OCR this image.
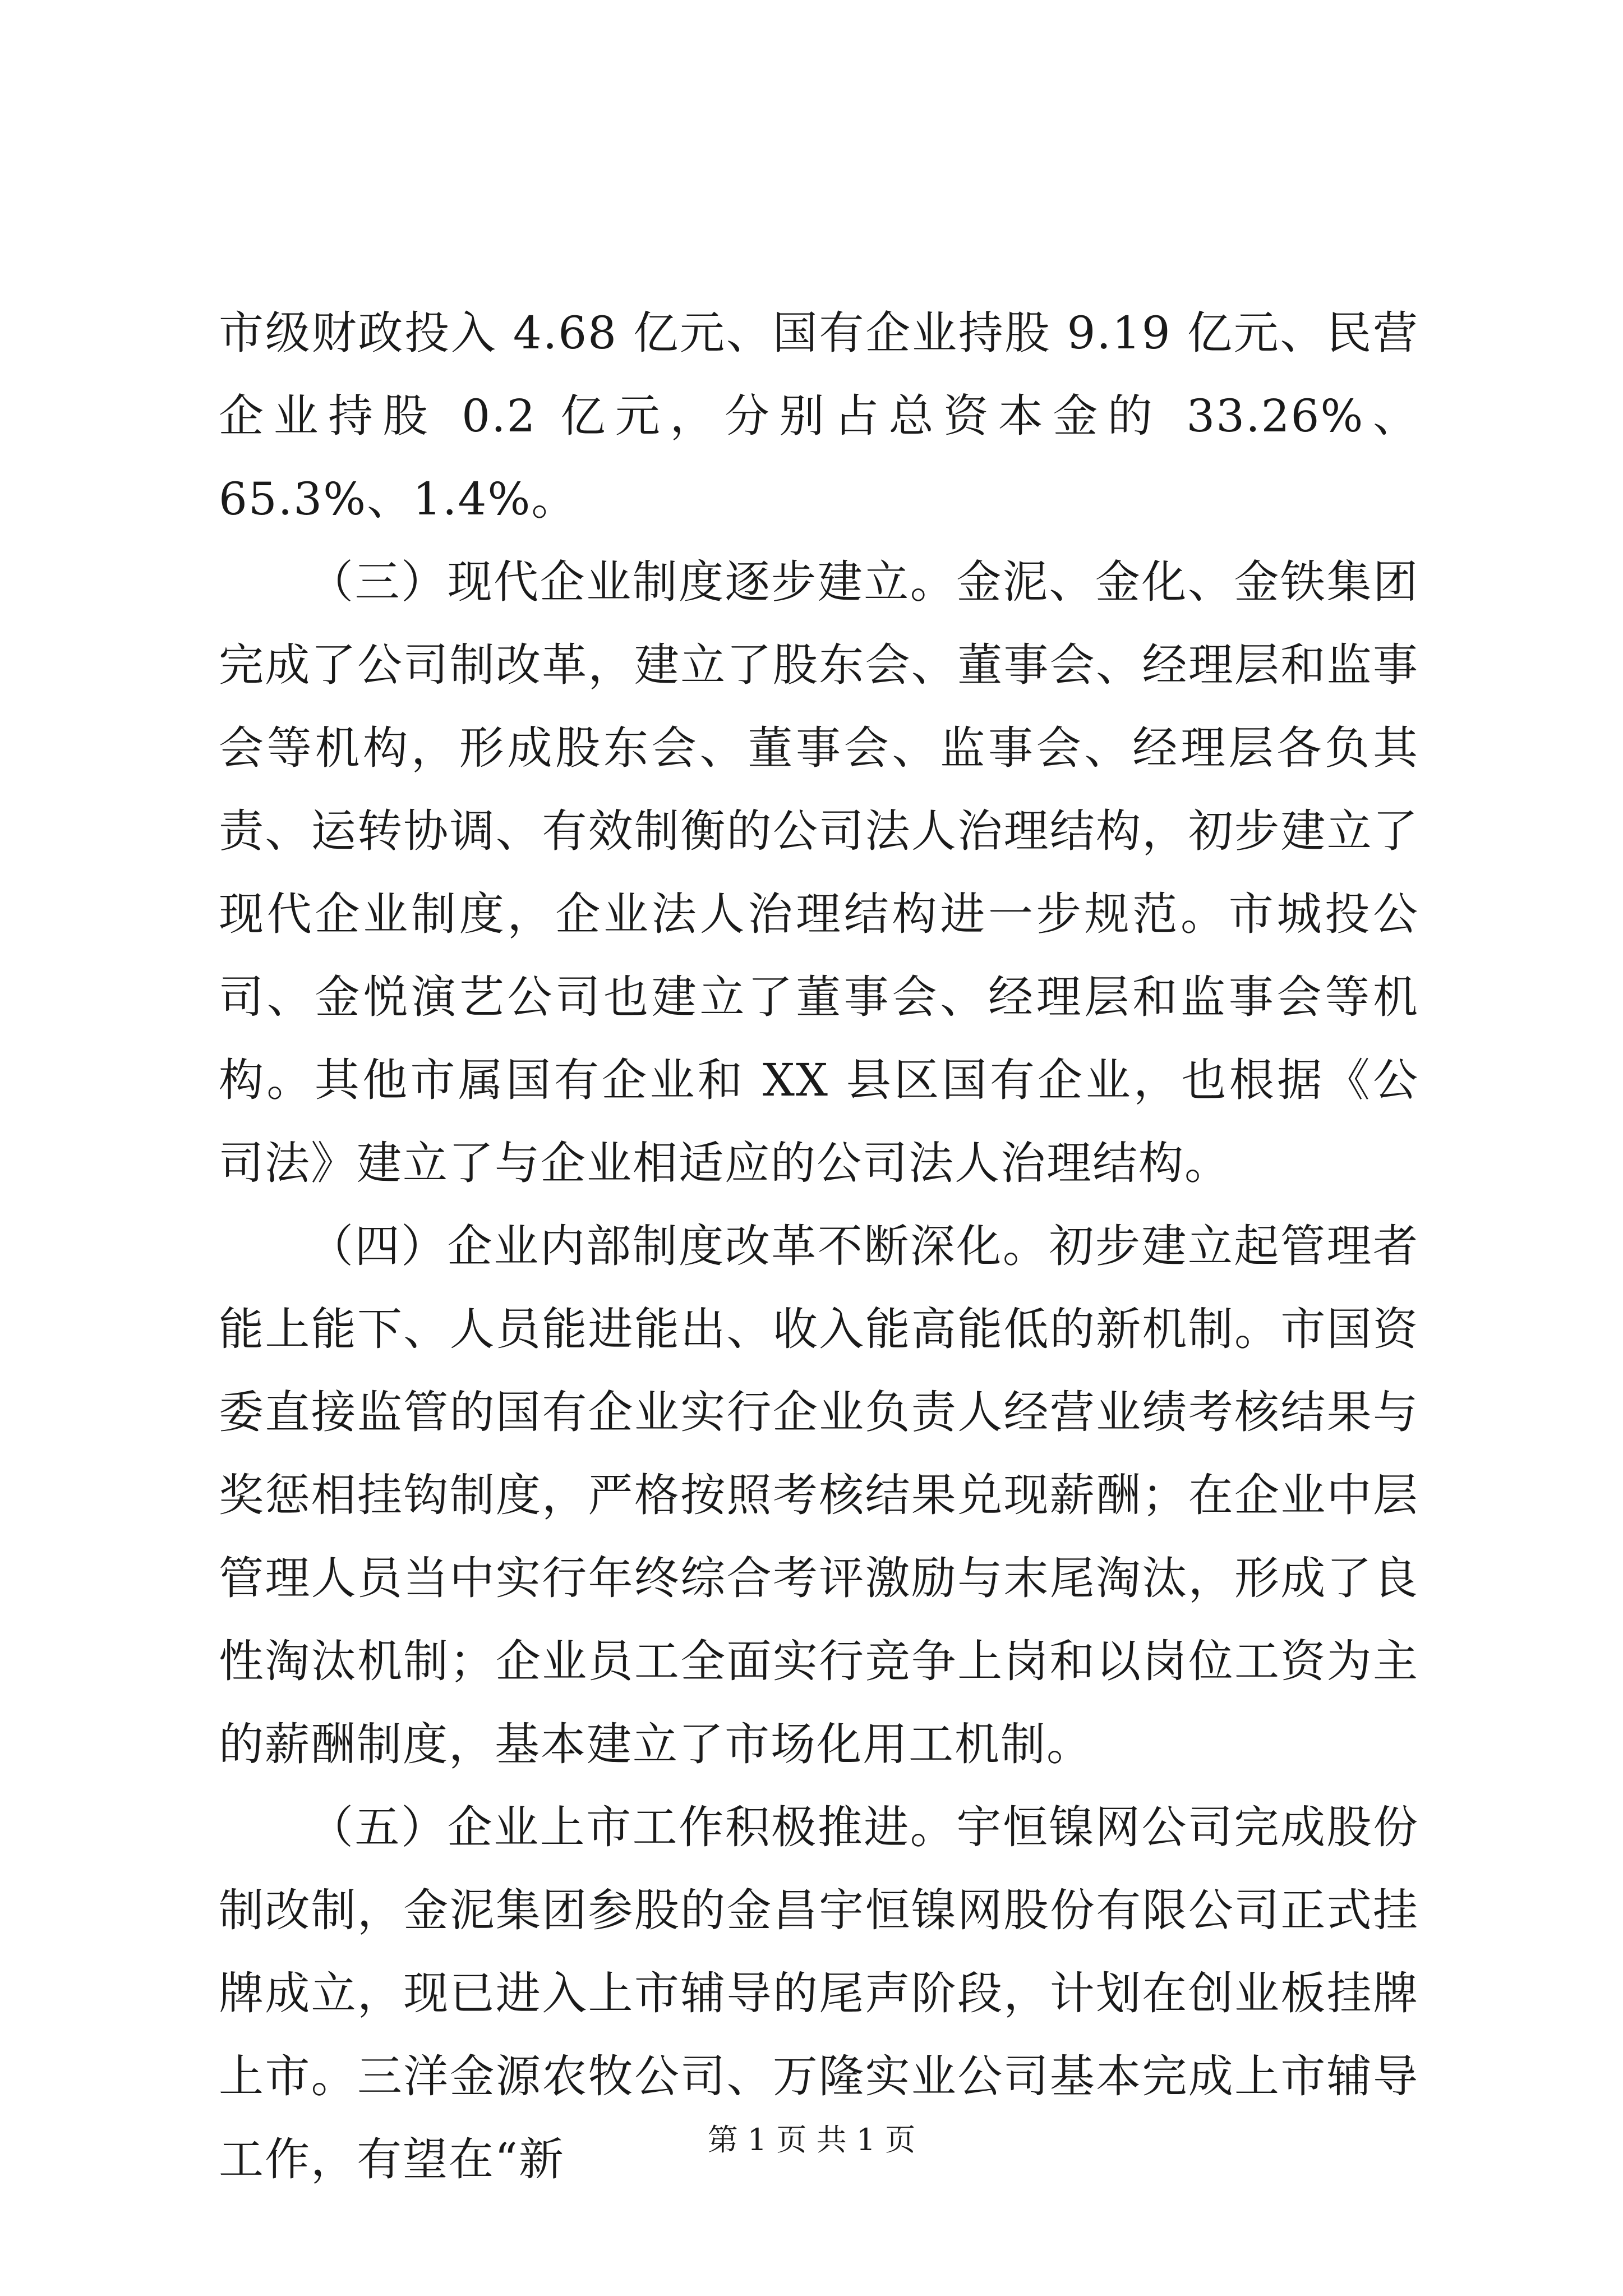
市级财政投入 4.68 亿元、国有企业持股 9.19 亿元、民营企业持股 0.2 亿元，分别占总资本金的 33.26%、65.3%、1.4%。

（三）现代企业制度逐步建立。金泥、金化、金铁集团完成了公司制改革，建立了股东会、董事会、经理层和监事会等机构，形成股东会、董事会、监事会、经理层各负其责、运转协调、有效制衡的公司法人治理结构，初步建立了现代企业制度，企业法人治理结构进一步规范。市城投公司、金悦演艺公司也建立了董事会、经理层和监事会等机构。其他市属国有企业和 XX 县区国有企业，也根据《公司法》建立了与企业相适应的公司法人治理结构。

（四）企业内部制度改革不断深化。初步建立起管理者能上能下、人员能进能出、收入能高能低的新机制。市国资委直接监管的国有企业实行企业负责人经营业绩考核结果与奖惩相挂钩制度，严格按照考核结果兑现薪酬；在企业中层管理人员当中实行年终综合考评激励与末尾淘汰，形成了良性淘汰机制；企业员工全面实行竞争上岗和以岗位工资为主的薪酬制度，基本建立了市场化用工机制。

（五）企业上市工作积极推进。宇恒镍网公司完成股份制改制，金泥集团参股的金昌宇恒镍网股份有限公司正式挂牌成立，现已进入上市辅导的尾声阶段，计划在创业板挂牌上市。三洋金源农牧公司、万隆实业公司基本完成上市辅导工作，有望在“新	第 1 页 共 1 页
